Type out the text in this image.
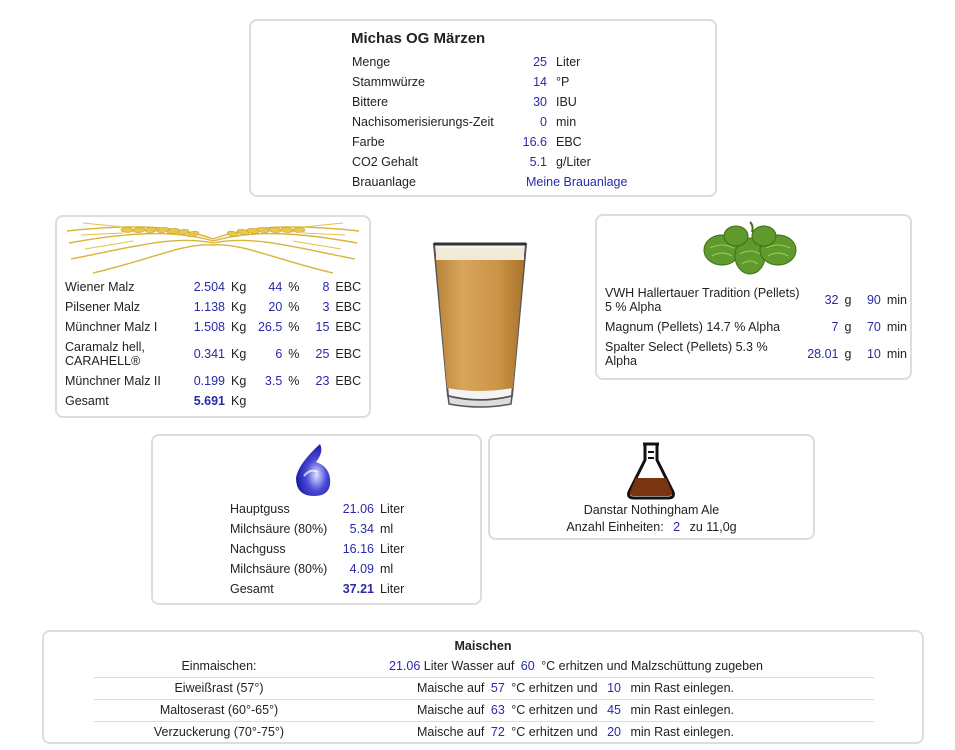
Michas OG Märzen
Menge	25	Liter
Stammwürze	14	°P
Bittere	30	IBU
Nachisomerisierungs-Zeit	0	min
Farbe	16.6	EBC
CO2 Gehalt	5.1	g/Liter
Brauanlage	Meine Brauanlage	
Wiener Malz	2.504	Kg	44	%	8	EBC
Pilsener Malz	1.138	Kg	20	%	3	EBC
Münchner Malz I	1.508	Kg	26.5	%	15	EBC
Caramalz hell, CARAHELL®	0.341	Kg	6	%	25	EBC
Münchner Malz II	0.199	Kg	3.5	%	23	EBC
Gesamt	5.691	Kg				
VWH Hallertauer Tradition (Pellets) 5 % Alpha	32	g	90	min
Magnum (Pellets) 14.7 % Alpha	7	g	70	min
Spalter Select (Pellets) 5.3 % Alpha	28.01	g	10	min
Hauptguss	21.06	Liter
Milchsäure (80%)	5.34	ml
Nachguss	16.16	Liter
Milchsäure (80%)	4.09	ml
Gesamt	37.21	Liter
Danstar Nothingham Ale
Anzahl Einheiten: 2 zu 11,0g
Maischen
Einmaischen:	21.06 Liter Wasser auf 60 °C erhitzen und Malzschüttung zugeben
Eiweißrast (57°)	Maische auf 57 °C erhitzen und 10 min Rast einlegen.
Maltoserast (60°-65°)	Maische auf 63 °C erhitzen und 45 min Rast einlegen.
Verzuckerung (70°-75°)	Maische auf 72 °C erhitzen und 20 min Rast einlegen.
